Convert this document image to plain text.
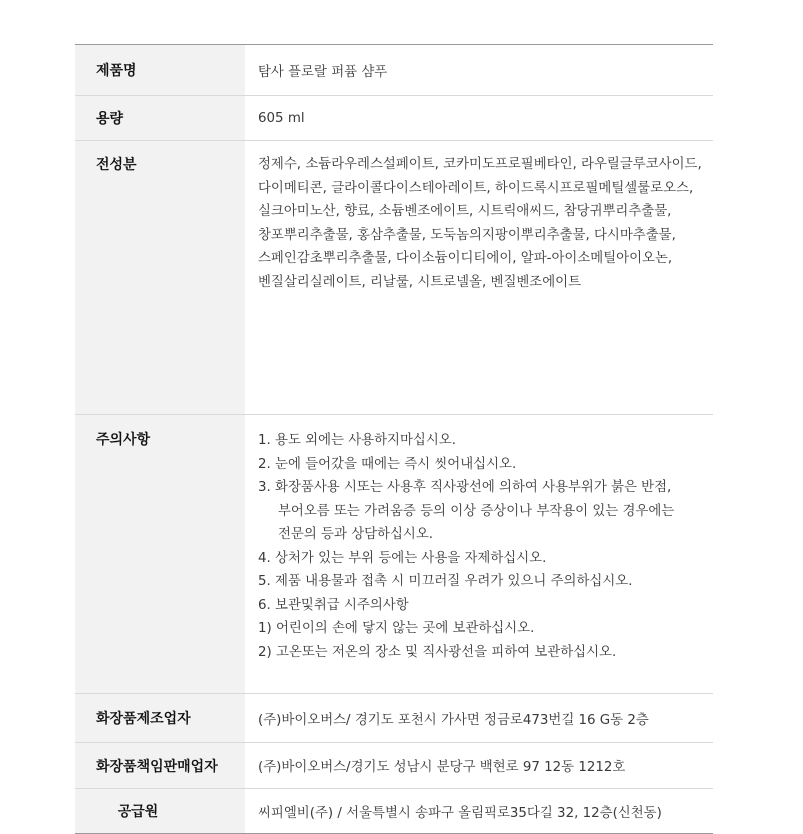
제품명	탐사 플로랄 퍼퓸 샴푸
용량	605 ml
전성분	정제수, 소듐라우레스설페이트, 코카미도프로필베타인, 라우릴글루코사이드,
다이메티콘, 글라이콜다이스테아레이트, 하이드록시프로필메틸셀룰로오스,
실크아미노산, 향료, 소듐벤조에이트, 시트릭애씨드, 참당귀뿌리추출물,
창포뿌리추출물, 홍삼추출물, 도둑놈의지팡이뿌리추출물, 다시마추출물,
스페인감초뿌리추출물, 다이소듐이디티에이, 알파-아이소메틸아이오논,
벤질살리실레이트, 리날룰, 시트로넬올, 벤질벤조에이트
주의사항	1. 용도 외에는 사용하지마십시오.
2. 눈에 들어갔을 때에는 즉시 씻어내십시오.
3. 화장품사용 시또는 사용후 직사광선에 의하여 사용부위가 붉은 반점,
부어오름 또는 가려움증 등의 이상 증상이나 부작용이 있는 경우에는
전문의 등과 상담하십시오.
4. 상처가 있는 부위 등에는 사용을 자제하십시오.
5. 제품 내용물과 접촉 시 미끄러질 우려가 있으니 주의하십시오.
6. 보관및취급 시주의사항
1) 어린이의 손에 닿지 않는 곳에 보관하십시오.
2) 고온또는 저온의 장소 및 직사광선을 피하여 보관하십시오.
화장품제조업자	(주)바이오버스/ 경기도 포천시 가사면 정금로473번길 16 G동 2층
화장품책임판매업자	(주)바이오버스/경기도 성남시 분당구 백현로 97 12동 1212호
공급원	씨피엘비(주) / 서울특별시 송파구 올림픽로35다길 32, 12층(신천동)
